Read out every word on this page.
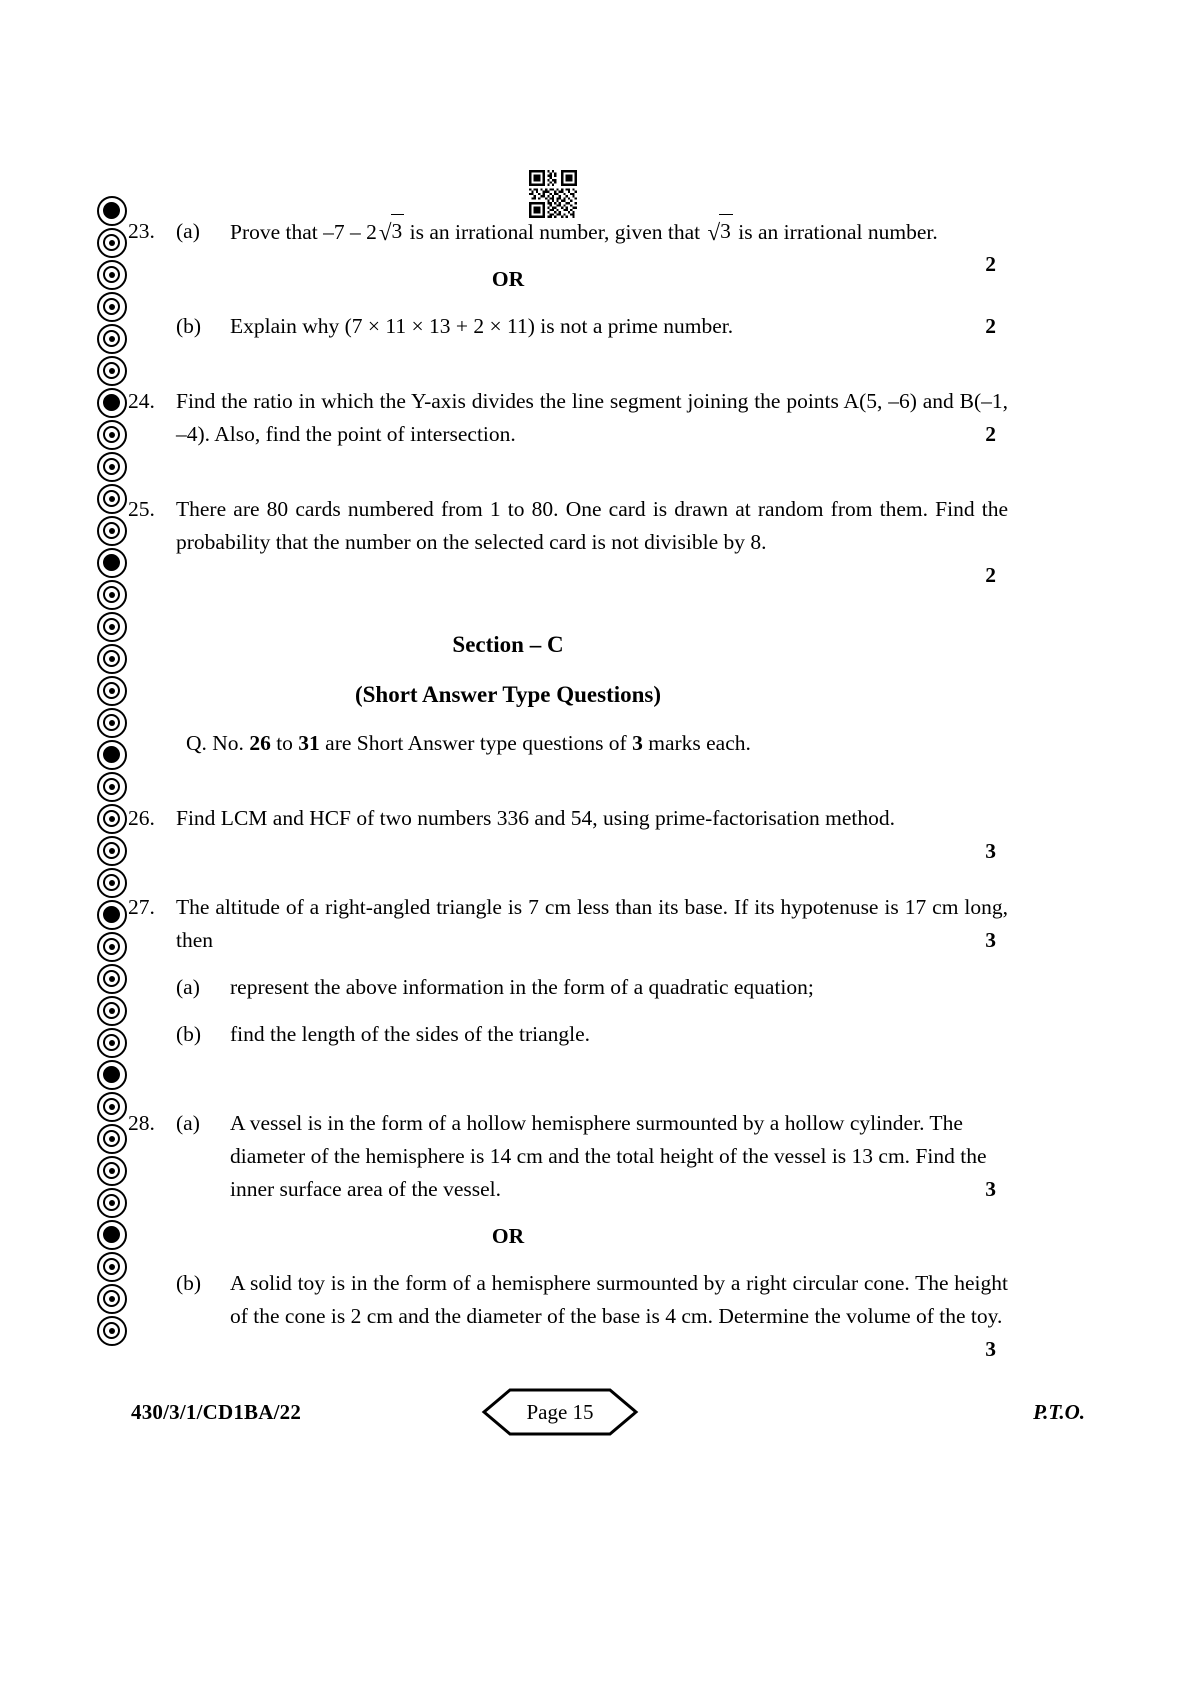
23. (a)	Prove that –7 – 2√3 is an irrational number, given that √3 is an irrational number.
2
OR
(b)	Explain why (7 × 11 × 13 + 2 × 11) is not a prime number.	2
24. Find the ratio in which the Y-axis divides the line segment joining the points A(5, –6) and B(–1, –4). Also, find the point of intersection.	2
25. There are 80 cards numbered from 1 to 80. One card is drawn at random from them. Find the probability that the number on the selected card is not divisible by 8.
2
Section – C
(Short Answer Type Questions)
Q. No. 26 to 31 are Short Answer type questions of 3 marks each.
26. Find LCM and HCF of two numbers 336 and 54, using prime-factorisation method.
3
27. The altitude of a right-angled triangle is 7 cm less than its base. If its hypotenuse is 17 cm long, then	3
(a)	represent the above information in the form of a quadratic equation;
(b)	find the length of the sides of the triangle.
28. (a)	A vessel is in the form of a hollow hemisphere surmounted by a hollow cylinder. The diameter of the hemisphere is 14 cm and the total height of the vessel is 13 cm. Find the inner surface area of the vessel.	3
OR
(b)	A solid toy is in the form of a hemisphere surmounted by a right circular cone. The height of the cone is 2 cm and the diameter of the base is 4 cm. Determine the volume of the toy.
3
430/3/1/CD1BA/22	Page 15	P.T.O.
